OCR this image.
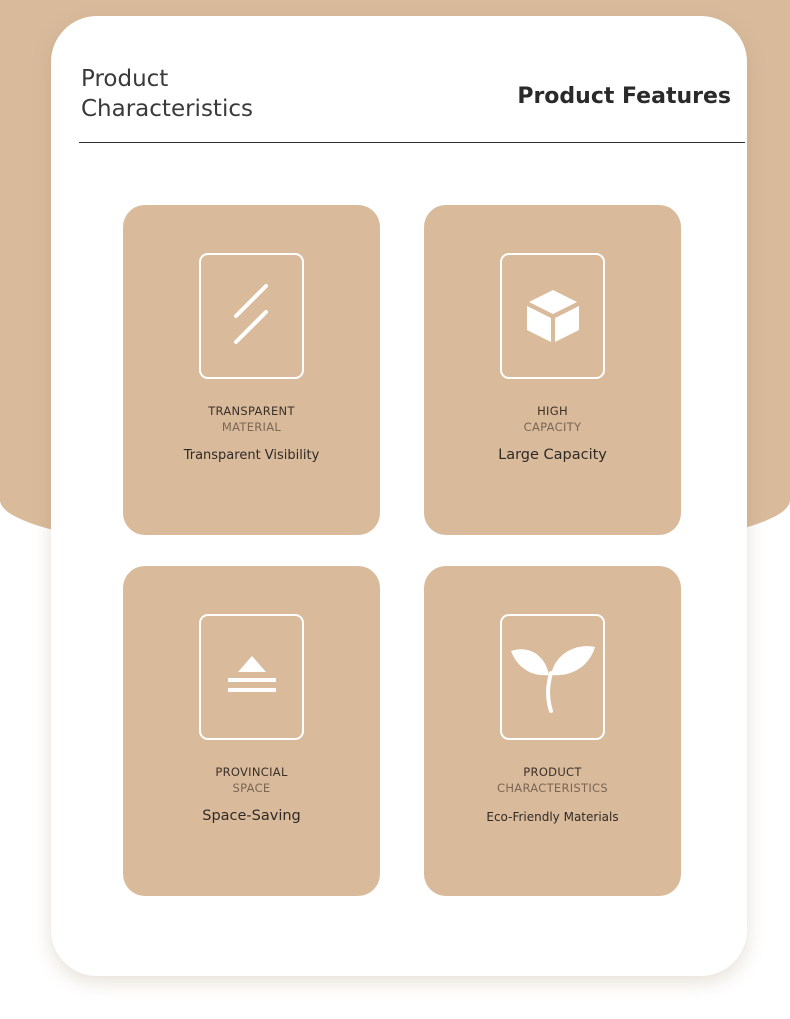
Product
Characteristics	Product Features
TRANSPARENT
MATERIAL
Transparent Visibility
HIGH
CAPACITY
Large Capacity
PROVINCIAL
SPACE
Space-Saving
PRODUCT
CHARACTERISTICS
Eco-Friendly Materials
